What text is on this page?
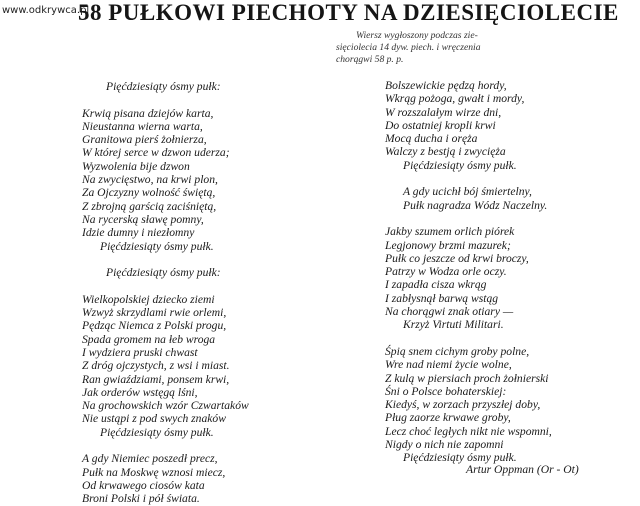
www.odkrywca.pl
58 PUŁKOWI PIECHOTY NA DZIESIĘCIOLECIE
Wiersz wygłoszony podczas zie-
sięciolecia 14 dyw. piech. i wręczenia
chorągwi 58 p. p.
Pięćdziesiąty ósmy pułk:
Krwią pisana dziejów karta,
Nieustanna wierna warta,
Granitowa pierś żołnierza,
W której serce w dzwon uderza;
Wyzwolenia bije dzwon
Na zwycięstwo, na krwi plon,
Za Ojczyzny wolność świętą,
Z zbrojną garścią zaciśniętą,
Na rycerską sławę pomny,
Idzie dumny i niezłomny
Pięćdziesiąty ósmy pułk.
Pięćdziesiąty ósmy pułk:
Wielkopolskiej dziecko ziemi
Wzwyż skrzydlami rwie orlemi,
Pędząc Niemca z Polski progu,
Spada gromem na łeb wroga
I wydziera pruski chwast
Z dróg ojczystych, z wsi i miast.
Ran gwiaździami, ponsem krwi,
Jak orderów wstęgą lśni,
Na grochowskich wzór Czwartaków
Nie ustąpi z pod swych znaków
Pięćdziesiąty ósmy pułk.
A gdy Niemiec poszedł precz,
Pułk na Moskwę wznosi miecz,
Od krwawego ciosów kata
Broni Polski i pół świata.
Bolszewickie pędzą hordy,
Wkrąg pożoga, gwałt i mordy,
W rozszalałym wirze dni,
Do ostatniej kropli krwi
Mocą ducha i oręża
Walczy z bestją i zwycięża
Pięćdziesiąty ósmy pułk.
A gdy ucichł bój śmiertelny,
Pułk nagradza Wódz Naczelny.
Jakby szumem orlich piórek
Legjonowy brzmi mazurek;
Pułk co jeszcze od krwi broczy,
Patrzy w Wodza orle oczy.
I zapadła cisza wkrąg
I zabłysnął barwą wstąg
Na chorągwi znak otiary —
Krzyż Virtuti Militari.
Śpią snem cichym groby polne,
Wre nad niemi życie wolne,
Z kulą w piersiach proch żołnierski
Śni o Polsce bohaterskiej:
Kiedyś, w zorzach przyszłej doby,
Pług zaorze krwawe groby,
Lecz choć ległych nikt nie wspomni,
Nigdy o nich nie zapomni
Pięćdziesiąty ósmy pułk.
Artur Oppman (Or - Ot)
